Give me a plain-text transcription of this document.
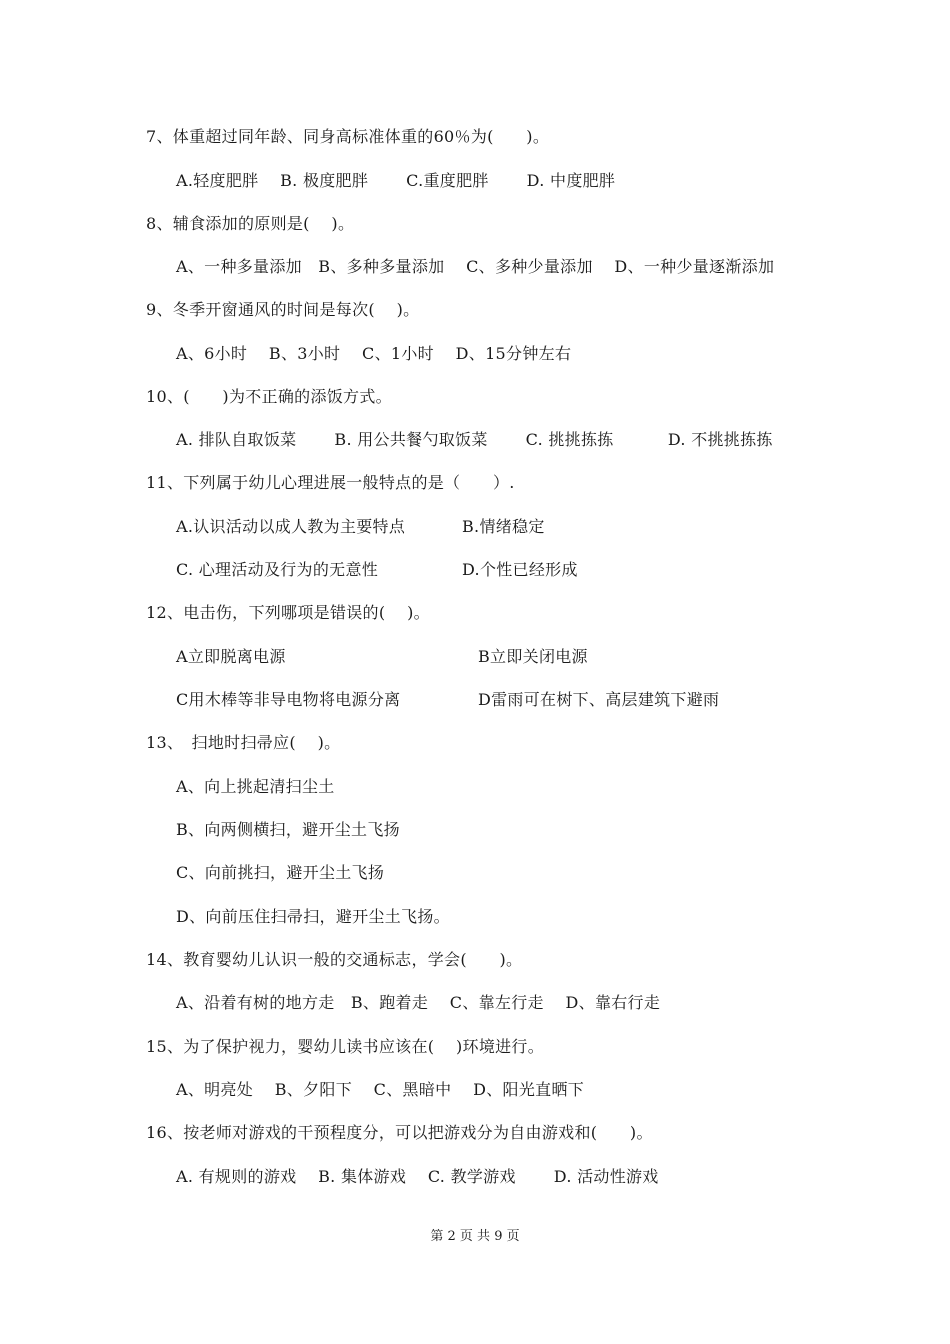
7、体重超过同年龄、同身高标准体重的60％为(　　)。
A.轻度肥胖　 B. 极度肥胖　　 C.重度肥胖　　 D. 中度肥胖
8、辅食添加的原则是(　 )。
A、一种多量添加　B、多种多量添加　 C、多种少量添加　 D、一种少量逐渐添加
9、冬季开窗通风的时间是每次(　 )。
A、6小时　 B、3小时　 C、1小时　 D、15分钟左右
10、(　　)为不正确的添饭方式。
A. 排队自取饭菜　　 B. 用公共餐勺取饭菜　　 C. 挑挑拣拣　　　 D. 不挑挑拣拣
11、下列属于幼儿心理进展一般特点的是（　　）.
A.认识活动以成人教为主要特点	B.情绪稳定
C. 心理活动及行为的无意性	D.个性已经形成
12、电击伤，下列哪项是错误的(　 )。
A立即脱离电源	B立即关闭电源
C用木棒等非导电物将电源分离	D雷雨可在树下、高层建筑下避雨
13、　扫地时扫帚应(　 )。
A、向上挑起清扫尘土
B、向两侧横扫，避开尘土飞扬
C、向前挑扫，避开尘土飞扬
D、向前压住扫帚扫，避开尘土飞扬。
14、教育婴幼儿认识一般的交通标志，学会(　　)。
A、沿着有树的地方走　B、跑着走　 C、靠左行走　 D、靠右行走
15、为了保护视力，婴幼儿读书应该在(　 )环境进行。
A、明亮处　 B、夕阳下　 C、黑暗中　 D、阳光直晒下
16、按老师对游戏的干预程度分，可以把游戏分为自由游戏和(　　)。
A. 有规则的游戏　 B. 集体游戏　 C. 教学游戏　　 D. 活动性游戏
第 2 页 共 9 页
